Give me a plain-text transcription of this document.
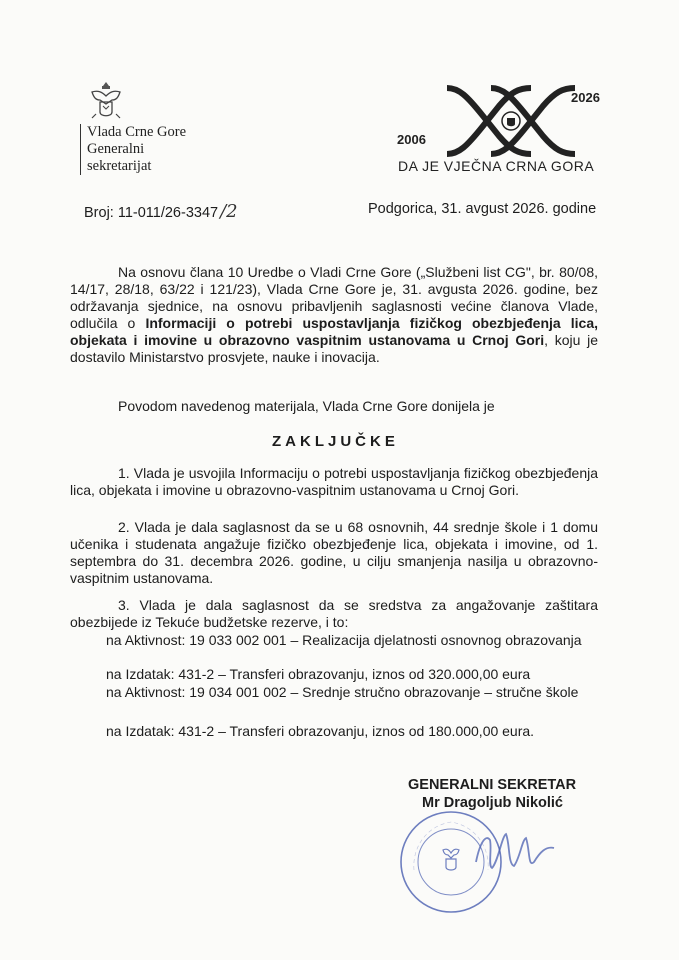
Vlada Crne Gore
Generalni
sekretarijat
2006
2026
DA JE VJEČNA CRNA GORA
Broj: 11-011/26-3347 /2	Podgorica, 31. avgust 2026. godine
Na osnovu člana 10 Uredbe o Vladi Crne Gore („Službeni list CG", br. 80/08, 14/17, 28/18, 63/22 i 121/23), Vlada Crne Gore je, 31. avgusta 2026. godine, bez održavanja sjednice, na osnovu pribavljenih saglasnosti većine članova Vlade, odlučila o Informaciji o potrebi uspostavljanja fizičkog obezbjeđenja lica, objekata i imovine u obrazovno vaspitnim ustanovama u Crnoj Gori, koju je dostavilo Ministarstvo prosvjete, nauke i inovacija.
Povodom navedenog materijala, Vlada Crne Gore donijela je
ZAKLJUČKE
1. Vlada je usvojila Informaciju o potrebi uspostavljanja fizičkog obezbjeđenja lica, objekata i imovine u obrazovno-vaspitnim ustanovama u Crnoj Gori.
2. Vlada je dala saglasnost da se u 68 osnovnih, 44 srednje škole i 1 domu učenika i studenata angažuje fizičko obezbjeđenje lica, objekata i imovine, od 1. septembra do 31. decembra 2026. godine, u cilju smanjenja nasilja u obrazovno-vaspitnim ustanovama.
3. Vlada je dala saglasnost da se sredstva za angažovanje zaštitara obezbijede iz Tekuće budžetske rezerve, i to:
na Aktivnost: 19 033 002 001 – Realizacija djelatnosti osnovnog obrazovanja
na Izdatak: 431-2 – Transferi obrazovanju, iznos od 320.000,00 eura
na Aktivnost: 19 034 001 002 – Srednje stručno obrazovanje – stručne škole
na Izdatak: 431-2 – Transferi obrazovanju, iznos od 180.000,00 eura.
GENERALNI SEKRETAR
Mr Dragoljub Nikolić
